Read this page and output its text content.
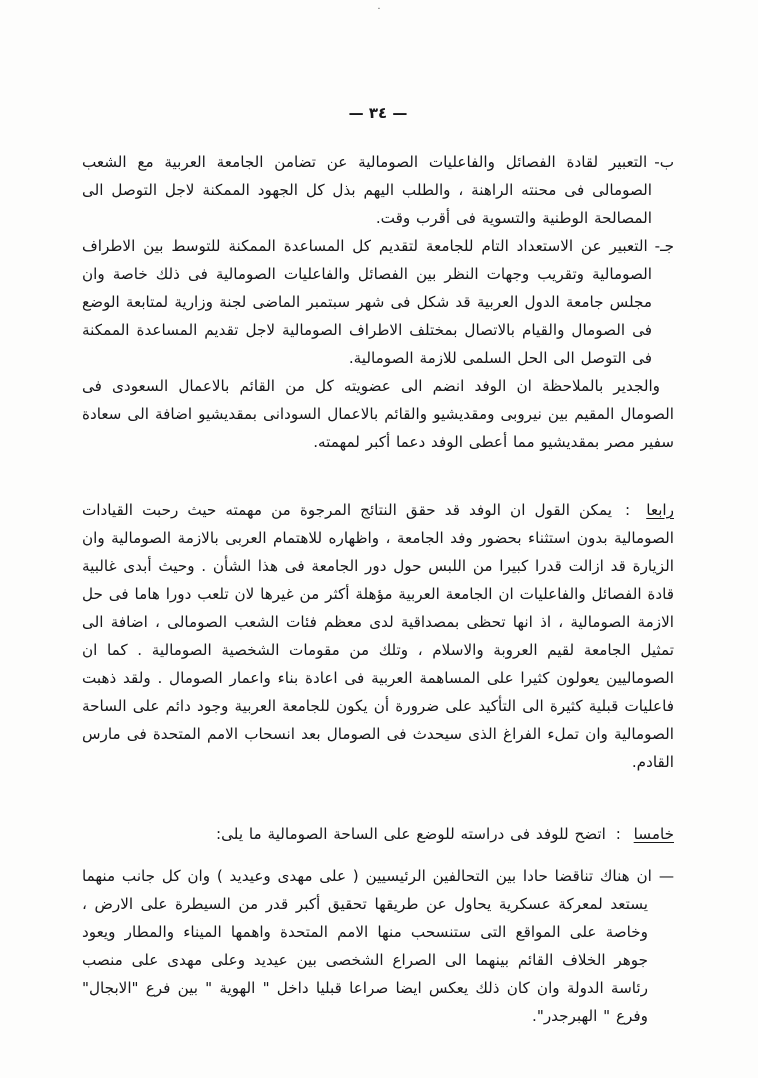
·
— ٣٤ —
ب-التعبير لقادة الفصائل والفاعليات الصومالية عن تضامن الجامعة العربية مع الشعب الصومالى فى محنته الراهنة ، والطلب اليهم بذل كل الجهود الممكنة لاجل التوصل الى المصالحة الوطنية والتسوية فى أقرب وقت.
جـ-التعبير عن الاستعداد التام للجامعة لتقديم كل المساعدة الممكنة للتوسط بين الاطراف الصومالية وتقريب وجهات النظر بين الفصائل والفاعليات الصومالية فى ذلك خاصة وان مجلس جامعة الدول العربية قد شكل فى شهر سبتمبر الماضى لجنة وزارية لمتابعة الوضع فى الصومال والقيام بالاتصال بمختلف الاطراف الصومالية لاجل تقديم المساعدة الممكنة فى التوصل الى الحل السلمى للازمة الصومالية.
والجدير بالملاحظة ان الوفد انضم الى عضويته كل من القائم بالاعمال السعودى فى الصومال المقيم بين نيروبى ومقديشيو والقائم بالاعمال السودانى بمقديشيو اضافة الى سعادة سفير مصر بمقديشيو مما أعطى الوفد دعما أكبر لمهمته.
رابعا : يمكن القول ان الوفد قد حقق النتائج المرجوة من مهمته حيث رحبت القيادات الصومالية بدون استثناء بحضور وفد الجامعة ، واظهاره للاهتمام العربى بالازمة الصومالية وان الزيارة قد ازالت قدرا كبيرا من اللبس حول دور الجامعة فى هذا الشأن . وحيث أبدى غالبية قادة الفصائل والفاعليات ان الجامعة العربية مؤهلة أكثر من غيرها لان تلعب دورا هاما فى حل الازمة الصومالية ، اذ انها تحظى بمصداقية لدى معظم فئات الشعب الصومالى ، اضافة الى تمثيل الجامعة لقيم العروبة والاسلام ، وتلك من مقومات الشخصية الصومالية . كما ان الصوماليين يعولون كثيرا على المساهمة العربية فى اعادة بناء واعمار الصومال . ولقد ذهبت فاعليات قبلية كثيرة الى التأكيد على ضرورة أن يكون للجامعة العربية وجود دائم على الساحة الصومالية وان تملء الفراغ الذى سيحدث فى الصومال بعد انسحاب الامم المتحدة فى مارس القادم.
خامسا : اتضح للوفد فى دراسته للوضع على الساحة الصومالية ما يلى:
—ان هناك تناقضا حادا بين التحالفين الرئيسيين ( على مهدى وعيديد ) وان كل جانب منهما يستعد لمعركة عسكرية يحاول عن طريقها تحقيق أكبر قدر من السيطرة على الارض ، وخاصة على المواقع التى ستنسحب منها الامم المتحدة واهمها الميناء والمطار ويعود جوهر الخلاف القائم بينهما الى الصراع الشخصى بين عيديد وعلى مهدى على منصب رئاسة الدولة وان كان ذلك يعكس ايضا صراعا قبليا داخل " الهوية " بين فرع "الابجال" وفرع " الهبرجدر".
